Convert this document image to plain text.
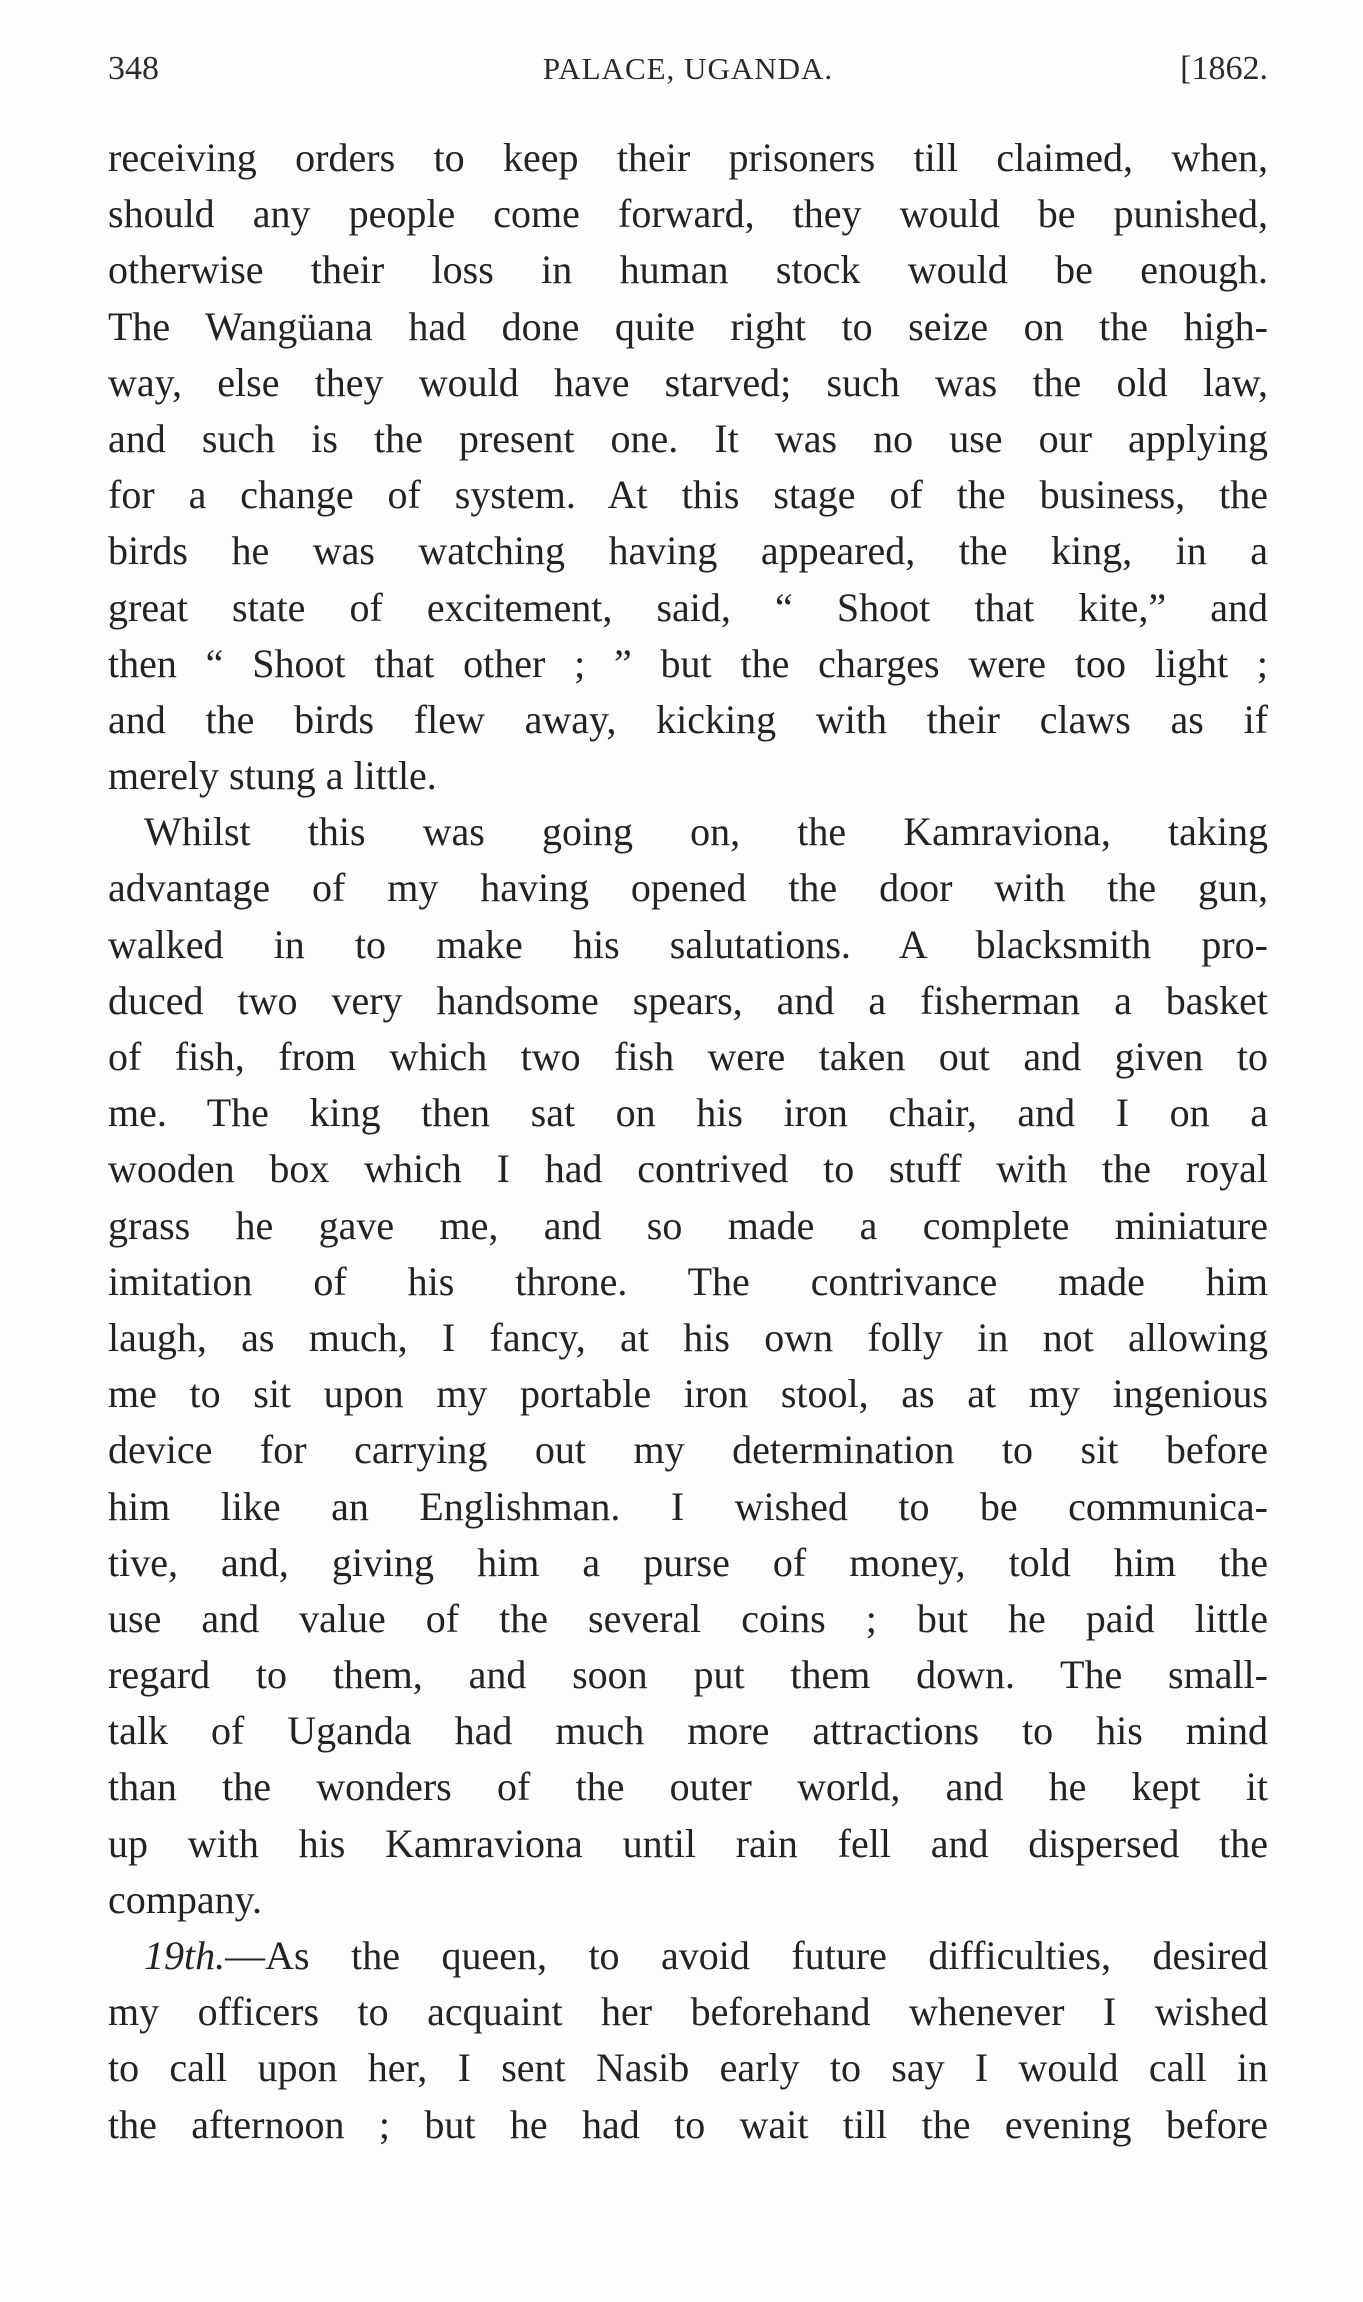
348	PALACE, UGANDA.	[1862.
receiving orders to keep their prisoners till claimed, when,
should any people come forward, they would be punished,
otherwise their loss in human stock would be enough.
The Wangüana had done quite right to seize on the high-
way, else they would have starved; such was the old law,
and such is the present one. It was no use our applying
for a change of system. At this stage of the business, the
birds he was watching having appeared, the king, in a
great state of excitement, said, “ Shoot that kite,” and
then “ Shoot that other ; ” but the charges were too light ;
and the birds flew away, kicking with their claws as if
merely stung a little.
Whilst this was going on, the Kamraviona, taking
advantage of my having opened the door with the gun,
walked in to make his salutations. A blacksmith pro-
duced two very handsome spears, and a fisherman a basket
of fish, from which two fish were taken out and given to
me. The king then sat on his iron chair, and I on a
wooden box which I had contrived to stuff with the royal
grass he gave me, and so made a complete miniature
imitation of his throne. The contrivance made him
laugh, as much, I fancy, at his own folly in not allowing
me to sit upon my portable iron stool, as at my ingenious
device for carrying out my determination to sit before
him like an Englishman. I wished to be communica-
tive, and, giving him a purse of money, told him the
use and value of the several coins ; but he paid little
regard to them, and soon put them down. The small-
talk of Uganda had much more attractions to his mind
than the wonders of the outer world, and he kept it
up with his Kamraviona until rain fell and dispersed the
company.
19th.—As the queen, to avoid future difficulties, desired
my officers to acquaint her beforehand whenever I wished
to call upon her, I sent Nasib early to say I would call in
the afternoon ; but he had to wait till the evening before
